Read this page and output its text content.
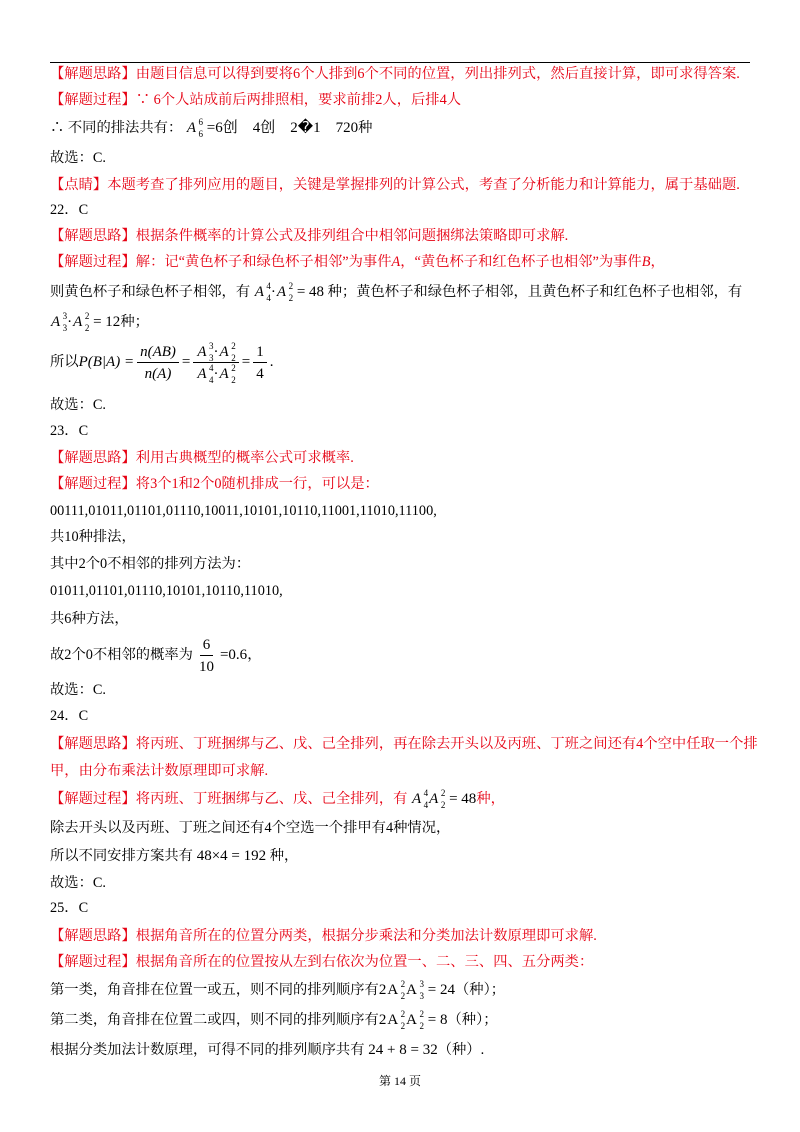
【解题思路】由题目信息可以得到要将6个人排到6个不同的位置，列出排列式，然后直接计算，即可求得答案.
【解题过程】∵ 6个人站成前后两排照相，要求前排2人，后排4人
∴ 不同的排法共有： A 6
6 =6创　4创　2�1　720种
故选：C.
【点睛】本题考查了排列应用的题目，关键是掌握排列的计算公式，考查了分析能力和计算能力，属于基础题.
22．C
【解题思路】根据条件概率的计算公式及排列组合中相邻问题捆绑法策略即可求解.
【解题过程】解：记“黄色杯子和绿色杯子相邻”为事件A，“黄色杯子和红色杯子也相邻”为事件B，
则黄色杯子和绿色杯子相邻，有 A 4
4 ·A 2
2 = 48 种；黄色杯子和绿色杯子相邻，且黄色杯子和红色杯子也相邻，有
A 3
3 ·A 2
2 = 12种；
所以$P(B|A) = \frac{n(AB)}{n(A)} = A$ 3
3 ·A 2
2
A 4
4 ·A 2
$2 = \frac{1}{4}$ .
故选：C.
23．C
【解题思路】利用古典概型的概率公式可求概率.
【解题过程】将3个1和2个0随机排成一行，可以是：
00111,01011,01101,01110,10011,10101,10110,11001,11010,11100,
共10种排法，
其中2个0不相邻的排列方法为：
01011,01101,01110,10101,10110,11010,
共6种方法，
故2个0不相邻的概率为 $\frac{6}{10} =0.6$，
故选：C.
24．C
【解题思路】将丙班、丁班捆绑与乙、戊、己全排列，再在除去开头以及丙班、丁班之间还有4个空中任取一个排
甲，由分布乘法计数原理即可求解.
【解题过程】将丙班、丁班捆绑与乙、戊、己全排列，有 A 4
4 A 2
2 = 48种，
除去开头以及丙班、丁班之间还有4个空选一个排甲有4种情况，
所以不同安排方案共有 48×4 = 192 种，
故选：C.
25．C
【解题思路】根据角音所在的位置分两类，根据分步乘法和分类加法计数原理即可求解.
【解题过程】根据角音所在的位置按从左到右依次为位置一、二、三、四、五分两类：
第一类，角音排在位置一或五，则不同的排列顺序有2A 2
2 A 3
3 = 24（种）；
第二类，角音排在位置二或四，则不同的排列顺序有2A 2
2 A 2
2 = 8（种）；
根据分类加法计数原理，可得不同的排列顺序共有 24 + 8 = 32（种）.
第 14 页
